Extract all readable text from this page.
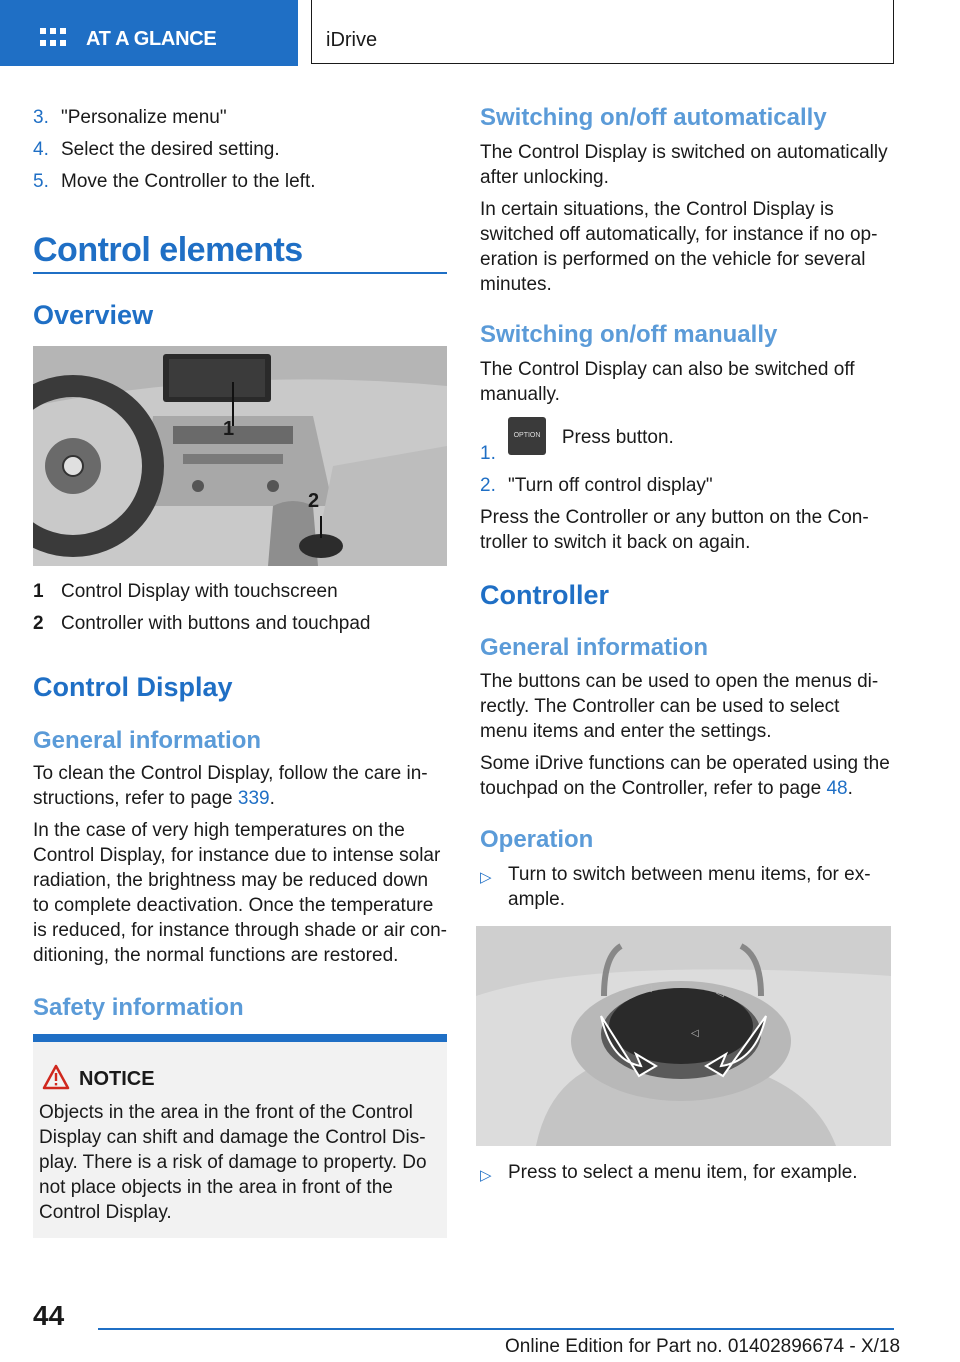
AT A GLANCE	iDrive
3. "Personalize menu"
4. Select the desired setting.
5. Move the Controller to the left.
Control elements
Overview
1
2
1 Control Display with touchscreen
2 Controller with buttons and touchpad
Control Display
General information

To clean the Control Display, follow the care in-

structions, refer to page 339.

In the case of very high temperatures on the

Control Display, for instance due to intense solar

radiation, the brightness may be reduced down

to complete deactivation. Once the temperature

is reduced, for instance through shade or air con-

ditioning, the normal functions are restored.

Safety information
NOTICE
Objects in the area in the front of the Control
Display can shift and damage the Control Dis-
play. There is a risk of damage to property. Do
not place objects in the area in front of the
Control Display.
Switching on/off automatically

The Control Display is switched on automatically

after unlocking.

In certain situations, the Control Display is

switched off automatically, for instance if no op-

eration is performed on the vehicle for several

minutes.

Switching on/off manually

The Control Display can also be switched off

manually.

1.
OPTION Press button.
2. "Turn off control display"

Press the Controller or any button on the Con-

troller to switch it back on again.

Controller
General information

The buttons can be used to open the menus di-

rectly. The Controller can be used to select

menu items and enter the settings.

Some iDrive functions can be operated using the

touchpad on the Controller, refer to page 48.

Operation
▷ Turn to switch between menu items, for ex-
ample.
◁	◁
◁
▷ Press to select a menu item, for example.
44
Online Edition for Part no. 01402896674 - X/18
